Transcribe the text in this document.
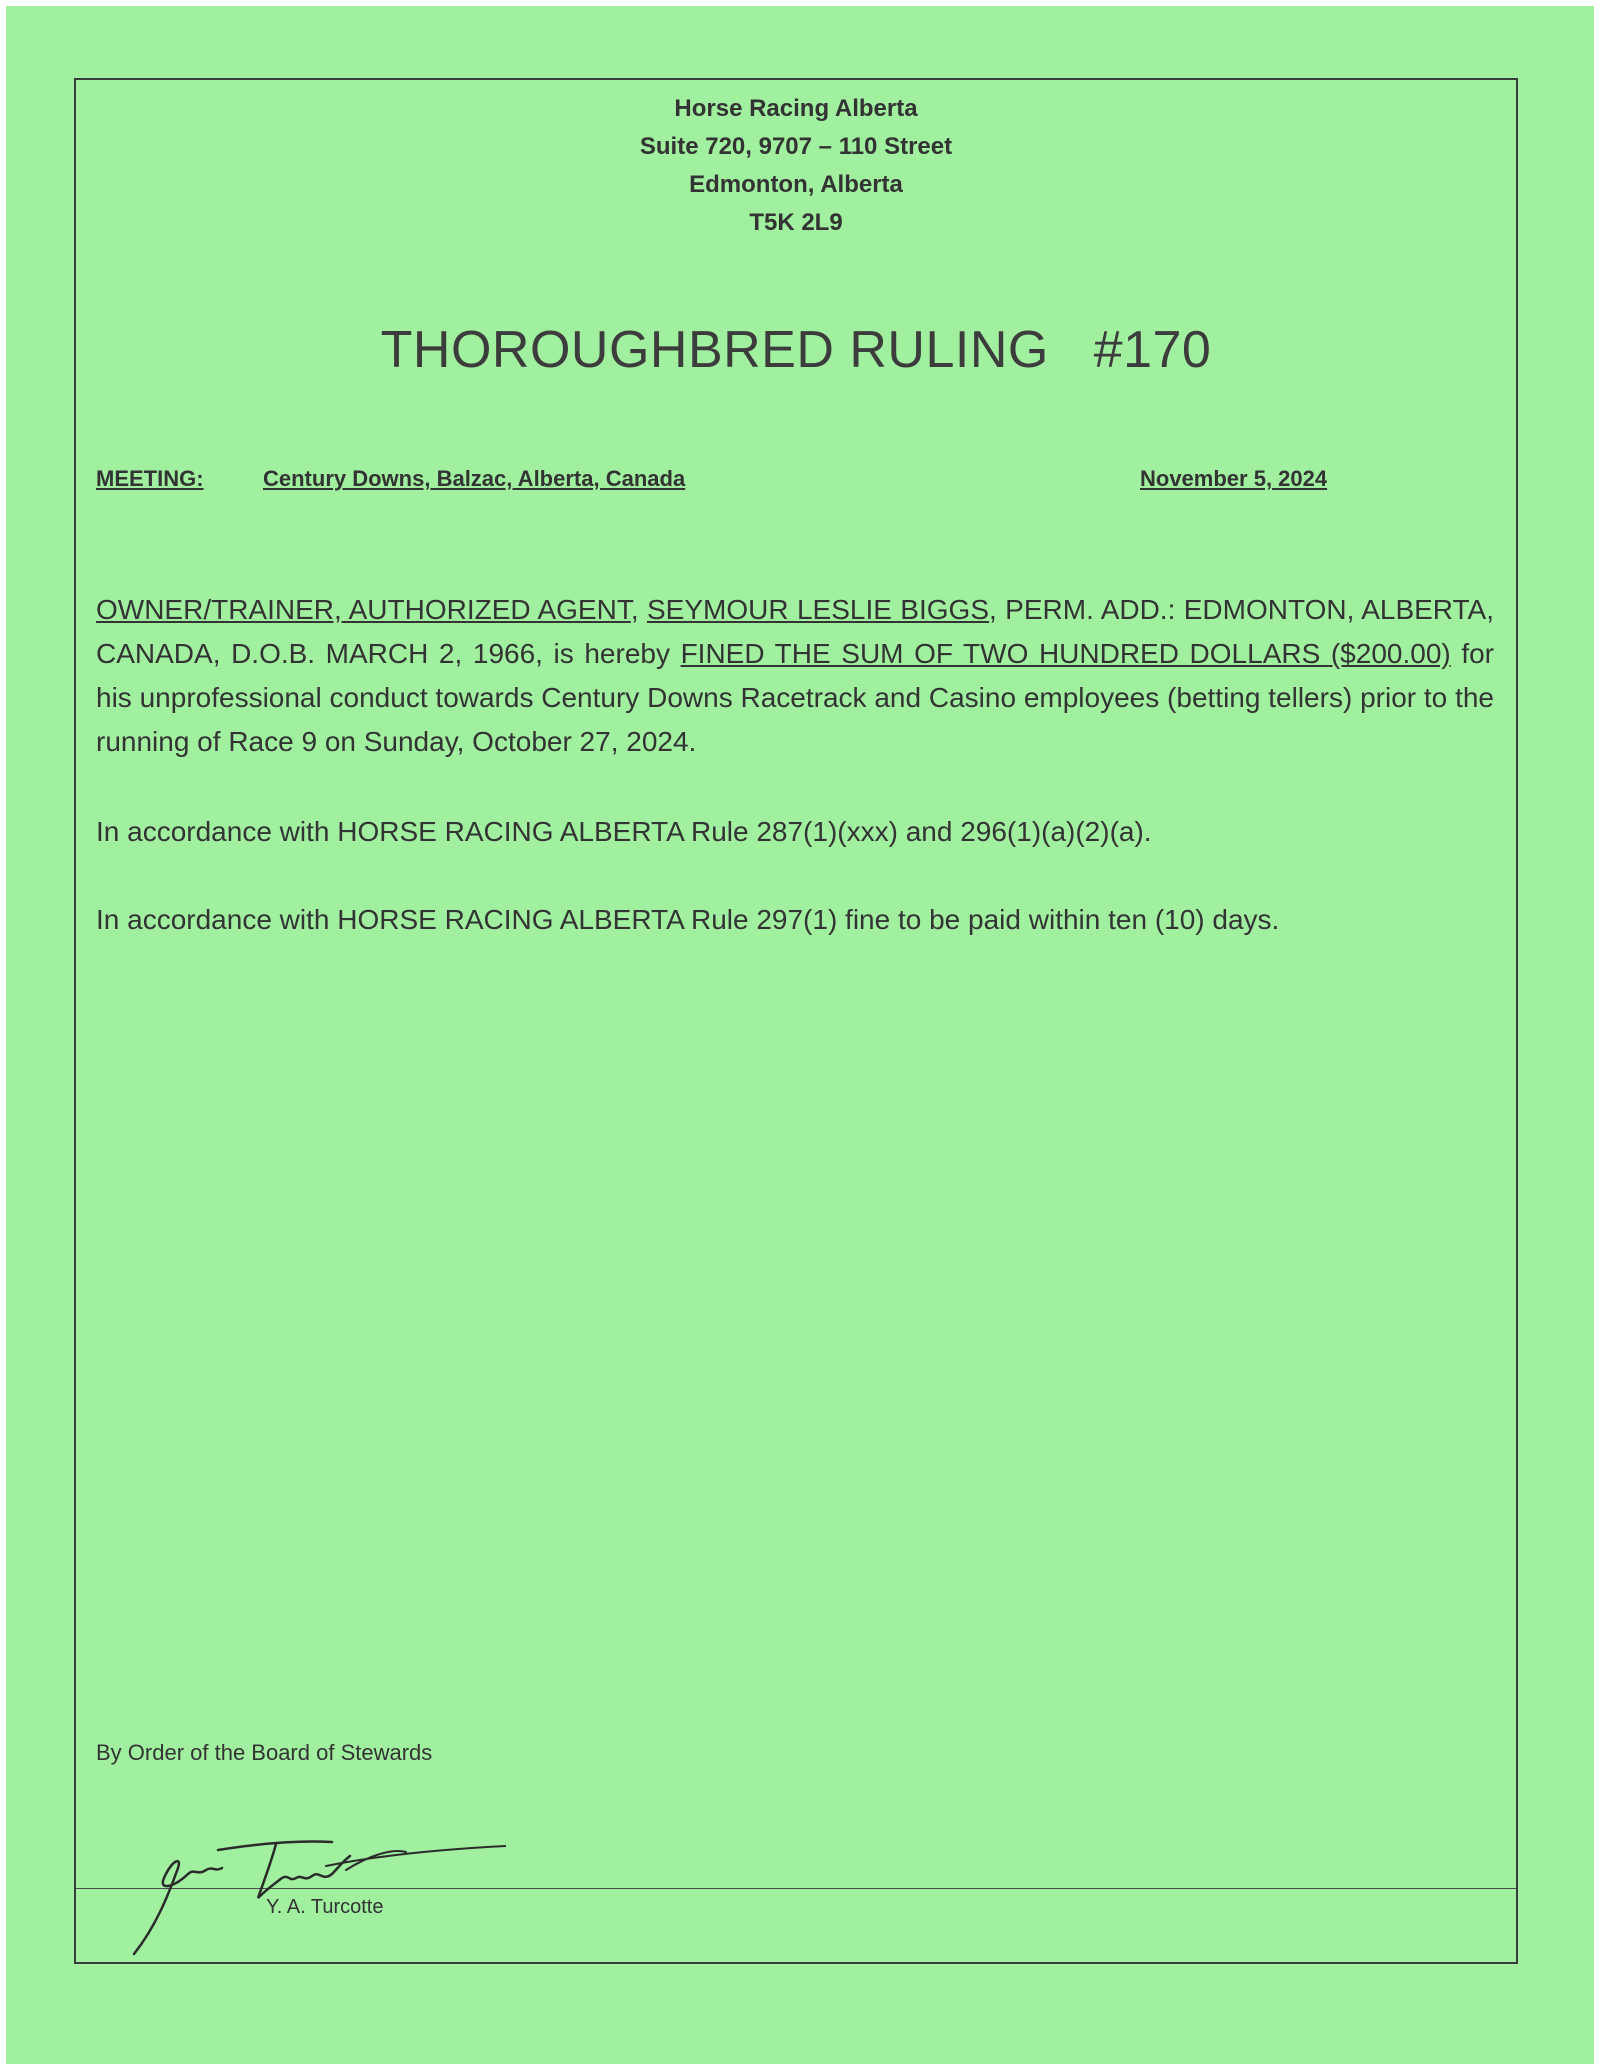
Horse Racing Alberta
Suite 720, 9707 – 110 Street
Edmonton, Alberta
T5K 2L9
THOROUGHBRED RULING   #170
MEETING:	Century Downs, Balzac, Alberta, Canada	November 5, 2024
OWNER/TRAINER, AUTHORIZED AGENT, SEYMOUR LESLIE BIGGS, PERM. ADD.: EDMONTON, ALBERTA, CANADA, D.O.B. MARCH 2, 1966, is hereby FINED THE SUM OF TWO HUNDRED DOLLARS ($200.00) for his unprofessional conduct towards Century Downs Racetrack and Casino employees (betting tellers) prior to the running of Race 9 on Sunday, October 27, 2024.
In accordance with HORSE RACING ALBERTA Rule 287(1)(xxx) and 296(1)(a)(2)(a).
In accordance with HORSE RACING ALBERTA Rule 297(1) fine to be paid within ten (10) days.
By Order of the Board of Stewards
Y. A. Turcotte
